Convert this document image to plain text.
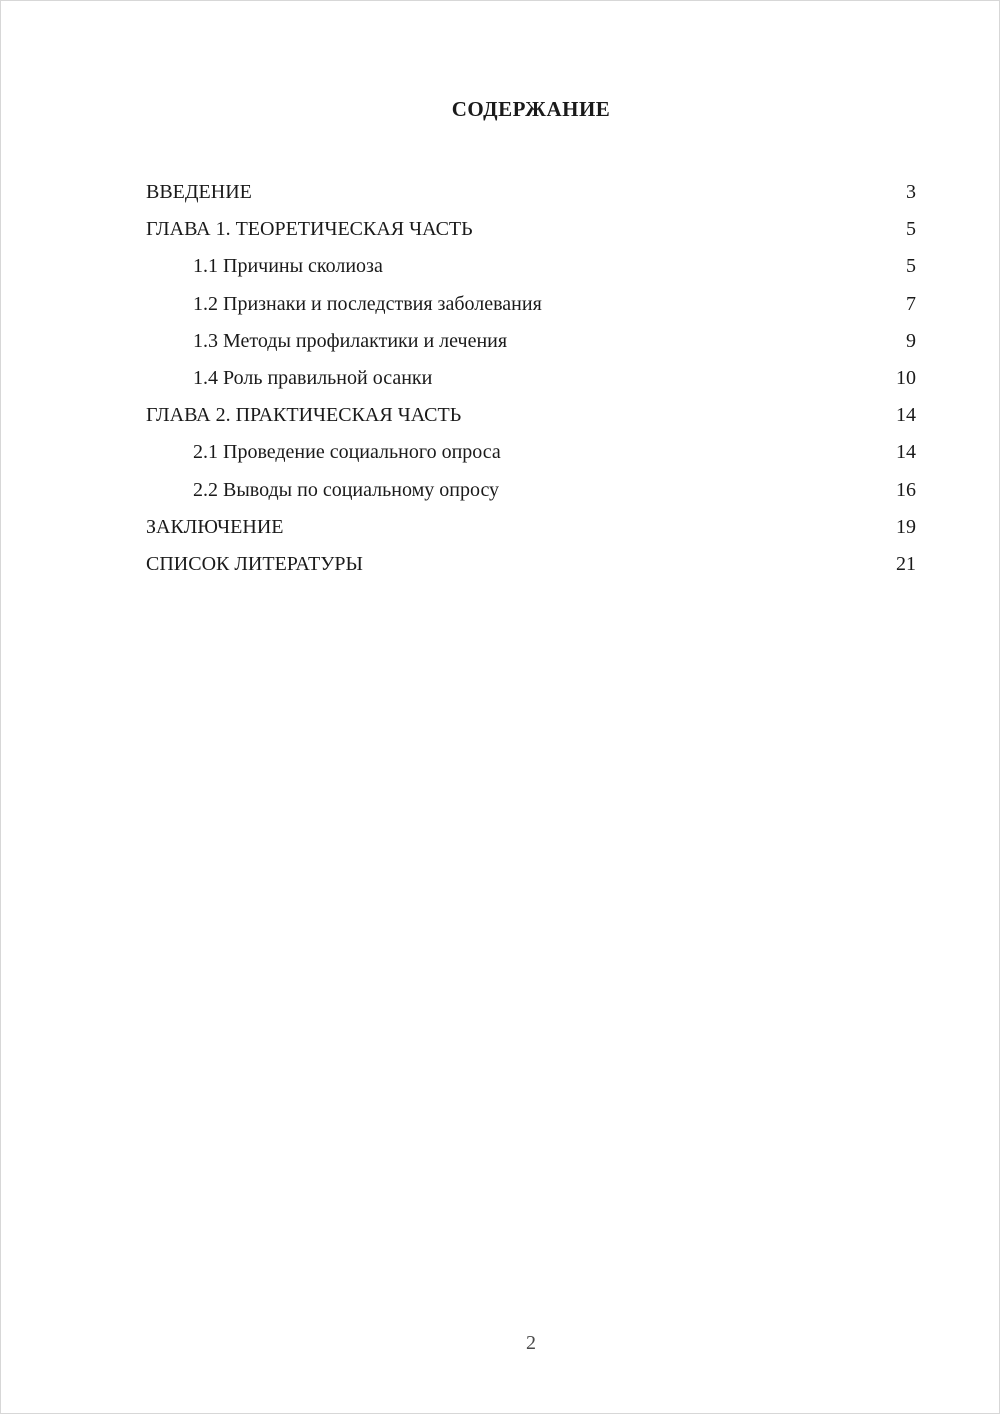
СОДЕРЖАНИЕ
ВВЕДЕНИЕ	3
ГЛАВА 1. ТЕОРЕТИЧЕСКАЯ ЧАСТЬ	5
1.1 Причины сколиоза	5
1.2 Признаки и последствия заболевания	7
1.3 Методы профилактики и лечения	9
1.4 Роль правильной осанки	10
ГЛАВА 2. ПРАКТИЧЕСКАЯ ЧАСТЬ	14
2.1 Проведение социального опроса	14
2.2 Выводы по социальному опросу	16
ЗАКЛЮЧЕНИЕ	19
СПИСОК ЛИТЕРАТУРЫ	21
2
